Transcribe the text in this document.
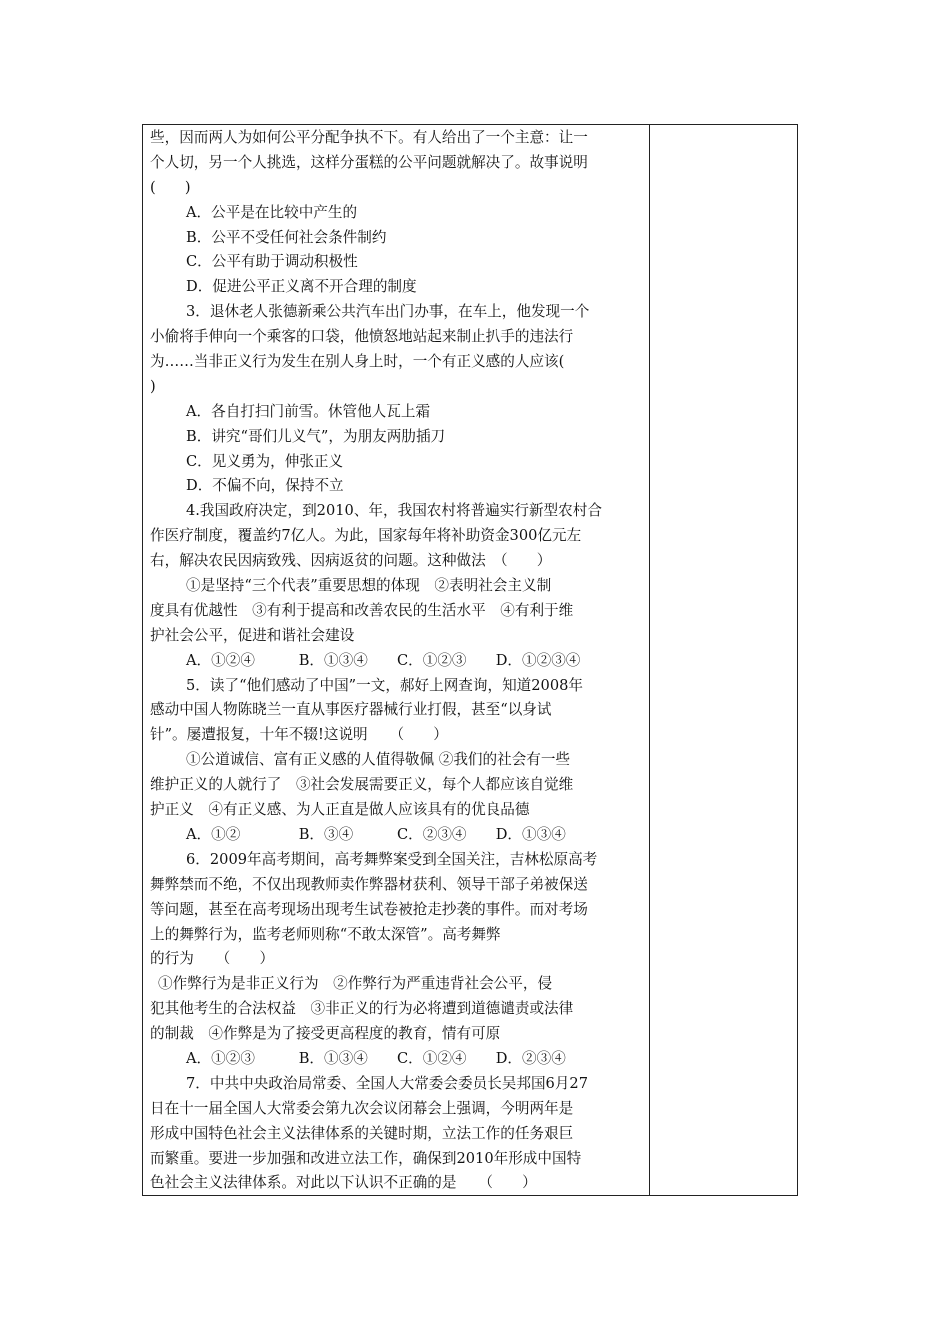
些，因而两人为如何公平分配争执不下。有人给出了一个主意：让一
个人切，另一个人挑选，这样分蛋糕的公平问题就解决了。故事说明
(　　)
A．公平是在比较中产生的
B．公平不受任何社会条件制约
C．公平有助于调动积极性
D．促进公平正义离不开合理的制度
3．退休老人张德新乘公共汽车出门办事，在车上，他发现一个
小偷将手伸向一个乘客的口袋，他愤怒地站起来制止扒手的违法行
为……当非正义行为发生在别人身上时，一个有正义感的人应该(
)
A．各自打扫门前雪。休管他人瓦上霜
B．讲究“哥们儿义气”，为朋友两肋插刀
C．见义勇为，伸张正义
D．不偏不向，保持不立
4.我国政府决定，到2010、年，我国农村将普遍实行新型农村合
作医疗制度，覆盖约7亿人。为此，国家每年将补助资金300亿元左
右，解决农民因病致残、因病返贫的问题。这种做法　（　　）
①是坚持“三个代表”重要思想的体现　②表明社会主义制
度具有优越性　③有利于提高和改善农民的生活水平　④有利于维
护社会公平，促进和谐社会建设
A．①②④　　　B．①③④　　C．①②③　　D．①②③④
5．读了“他们感动了中国”一文，郝好上网查询，知道2008年
感动中国人物陈晓兰一直从事医疗器械行业打假，甚至“以身试
针”。屡遭报复，十年不辍!这说明　　（　　）
①公道诚信、富有正义感的人值得敬佩 ②我们的社会有一些
维护正义的人就行了　③社会发展需要正义，每个人都应该自觉维
护正义　④有正义感、为人正直是做人应该具有的优良品德
A．①②　　　　B．③④　　　C．②③④　　D．①③④
6．2009年高考期间，高考舞弊案受到全国关注，吉林松原高考
舞弊禁而不绝，不仅出现教师卖作弊器材获利、领导干部子弟被保送
等问题，甚至在高考现场出现考生试卷被抢走抄袭的事件。而对考场
上的舞弊行为，监考老师则称“不敢太深管”。高考舞弊
的行为　　（　　）
①作弊行为是非正义行为　②作弊行为严重违背社会公平，侵
犯其他考生的合法权益　③非正义的行为必将遭到道德谴责或法律
的制裁　④作弊是为了接受更高程度的教育，情有可原
A．①②③　　　B．①③④　　C．①②④　　D．②③④
7．中共中央政治局常委、全国人大常委会委员长吴邦国6月27
日在十一届全国人大常委会第九次会议闭幕会上强调，今明两年是
形成中国特色社会主义法律体系的关键时期，立法工作的任务艰巨
而繁重。要进一步加强和改进立法工作，确保到2010年形成中国特
色社会主义法律体系。对此以下认识不正确的是　　（　　）
